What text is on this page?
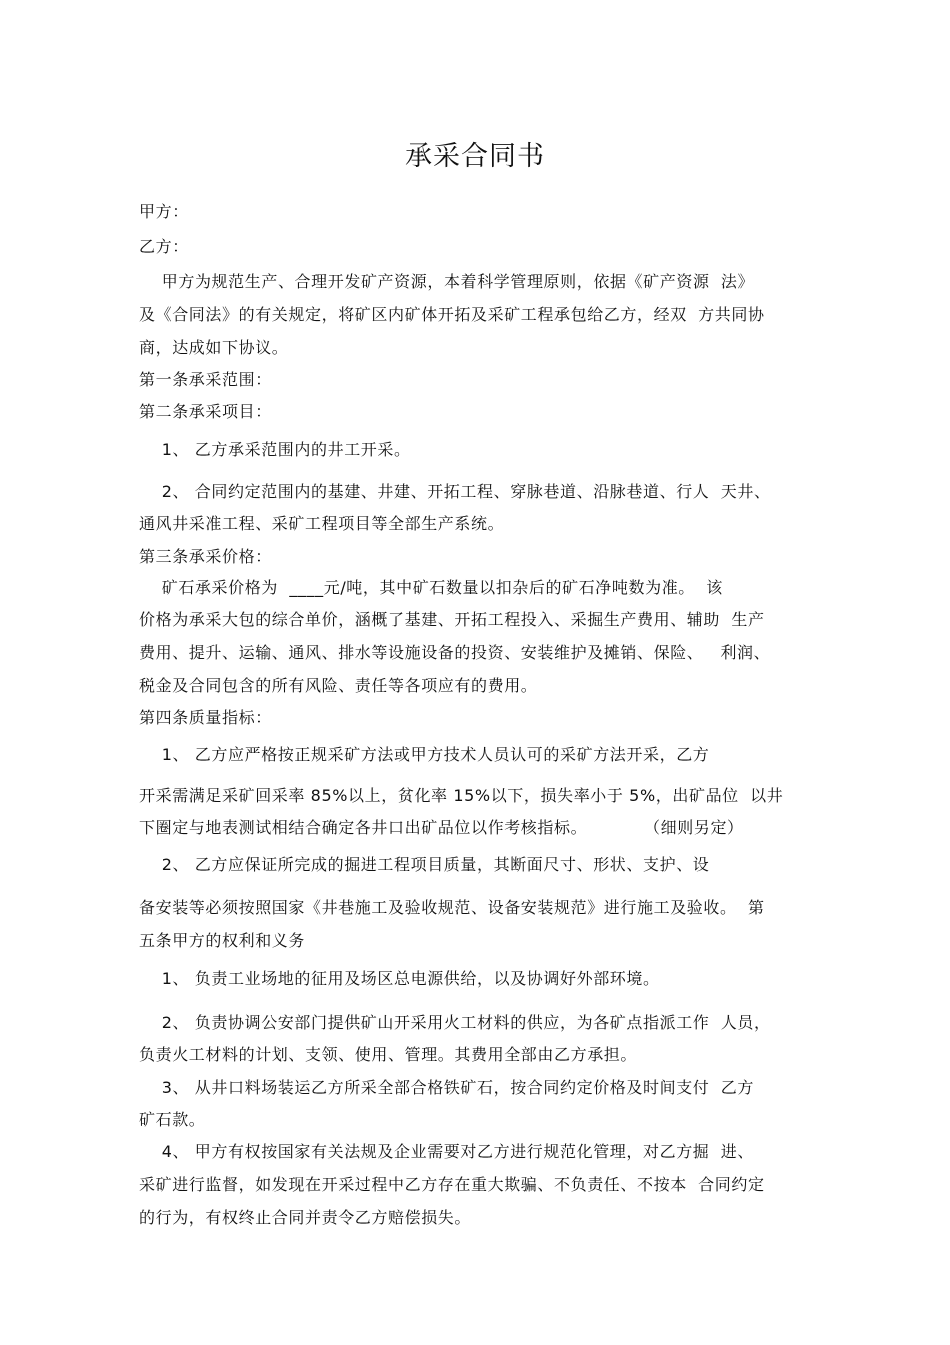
承采合同书
甲方：
乙方：
甲方为规范生产、合理开发矿产资源，本着科学管理原则，依据《矿产资源  法》
及《合同法》的有关规定，将矿区内矿体开拓及采矿工程承包给乙方，经双  方共同协
商，达成如下协议。
第一条承采范围：
第二条承采项目：
1、 乙方承采范围内的井工开采。
2、 合同约定范围内的基建、井建、开拓工程、穿脉巷道、沿脉巷道、行人  天井、
通风井采准工程、采矿工程项目等全部生产系统。
第三条承采价格：
矿石承采价格为  ____元/吨，其中矿石数量以扣杂后的矿石净吨数为准。  该
价格为承采大包的综合单价，涵概了基建、开拓工程投入、采掘生产费用、辅助  生产
费用、提升、运输、通风、排水等设施设备的投资、安装维护及摊销、保险、   利润、
税金及合同包含的所有风险、责任等各项应有的费用。
第四条质量指标：
1、 乙方应严格按正规采矿方法或甲方技术人员认可的采矿方法开采，乙方
开采需满足采矿回采率 85%以上，贫化率 15%以下，损失率小于 5%，出矿品位  以井
下圈定与地表测试相结合确定各井口出矿品位以作考核指标。          （细则另定）
2、 乙方应保证所完成的掘进工程项目质量，其断面尺寸、形状、支护、设
备安装等必须按照国家《井巷施工及验收规范、设备安装规范》进行施工及验收。  第
五条甲方的权利和义务
1、 负责工业场地的征用及场区总电源供给，以及协调好外部环境。
2、 负责协调公安部门提供矿山开采用火工材料的供应，为各矿点指派工作  人员，
负责火工材料的计划、支领、使用、管理。其费用全部由乙方承担。
3、 从井口料场装运乙方所采全部合格铁矿石，按合同约定价格及时间支付  乙方
矿石款。
4、 甲方有权按国家有关法规及企业需要对乙方进行规范化管理，对乙方掘  进、
采矿进行监督，如发现在开采过程中乙方存在重大欺骗、不负责任、不按本  合同约定
的行为，有权终止合同并责令乙方赔偿损失。
